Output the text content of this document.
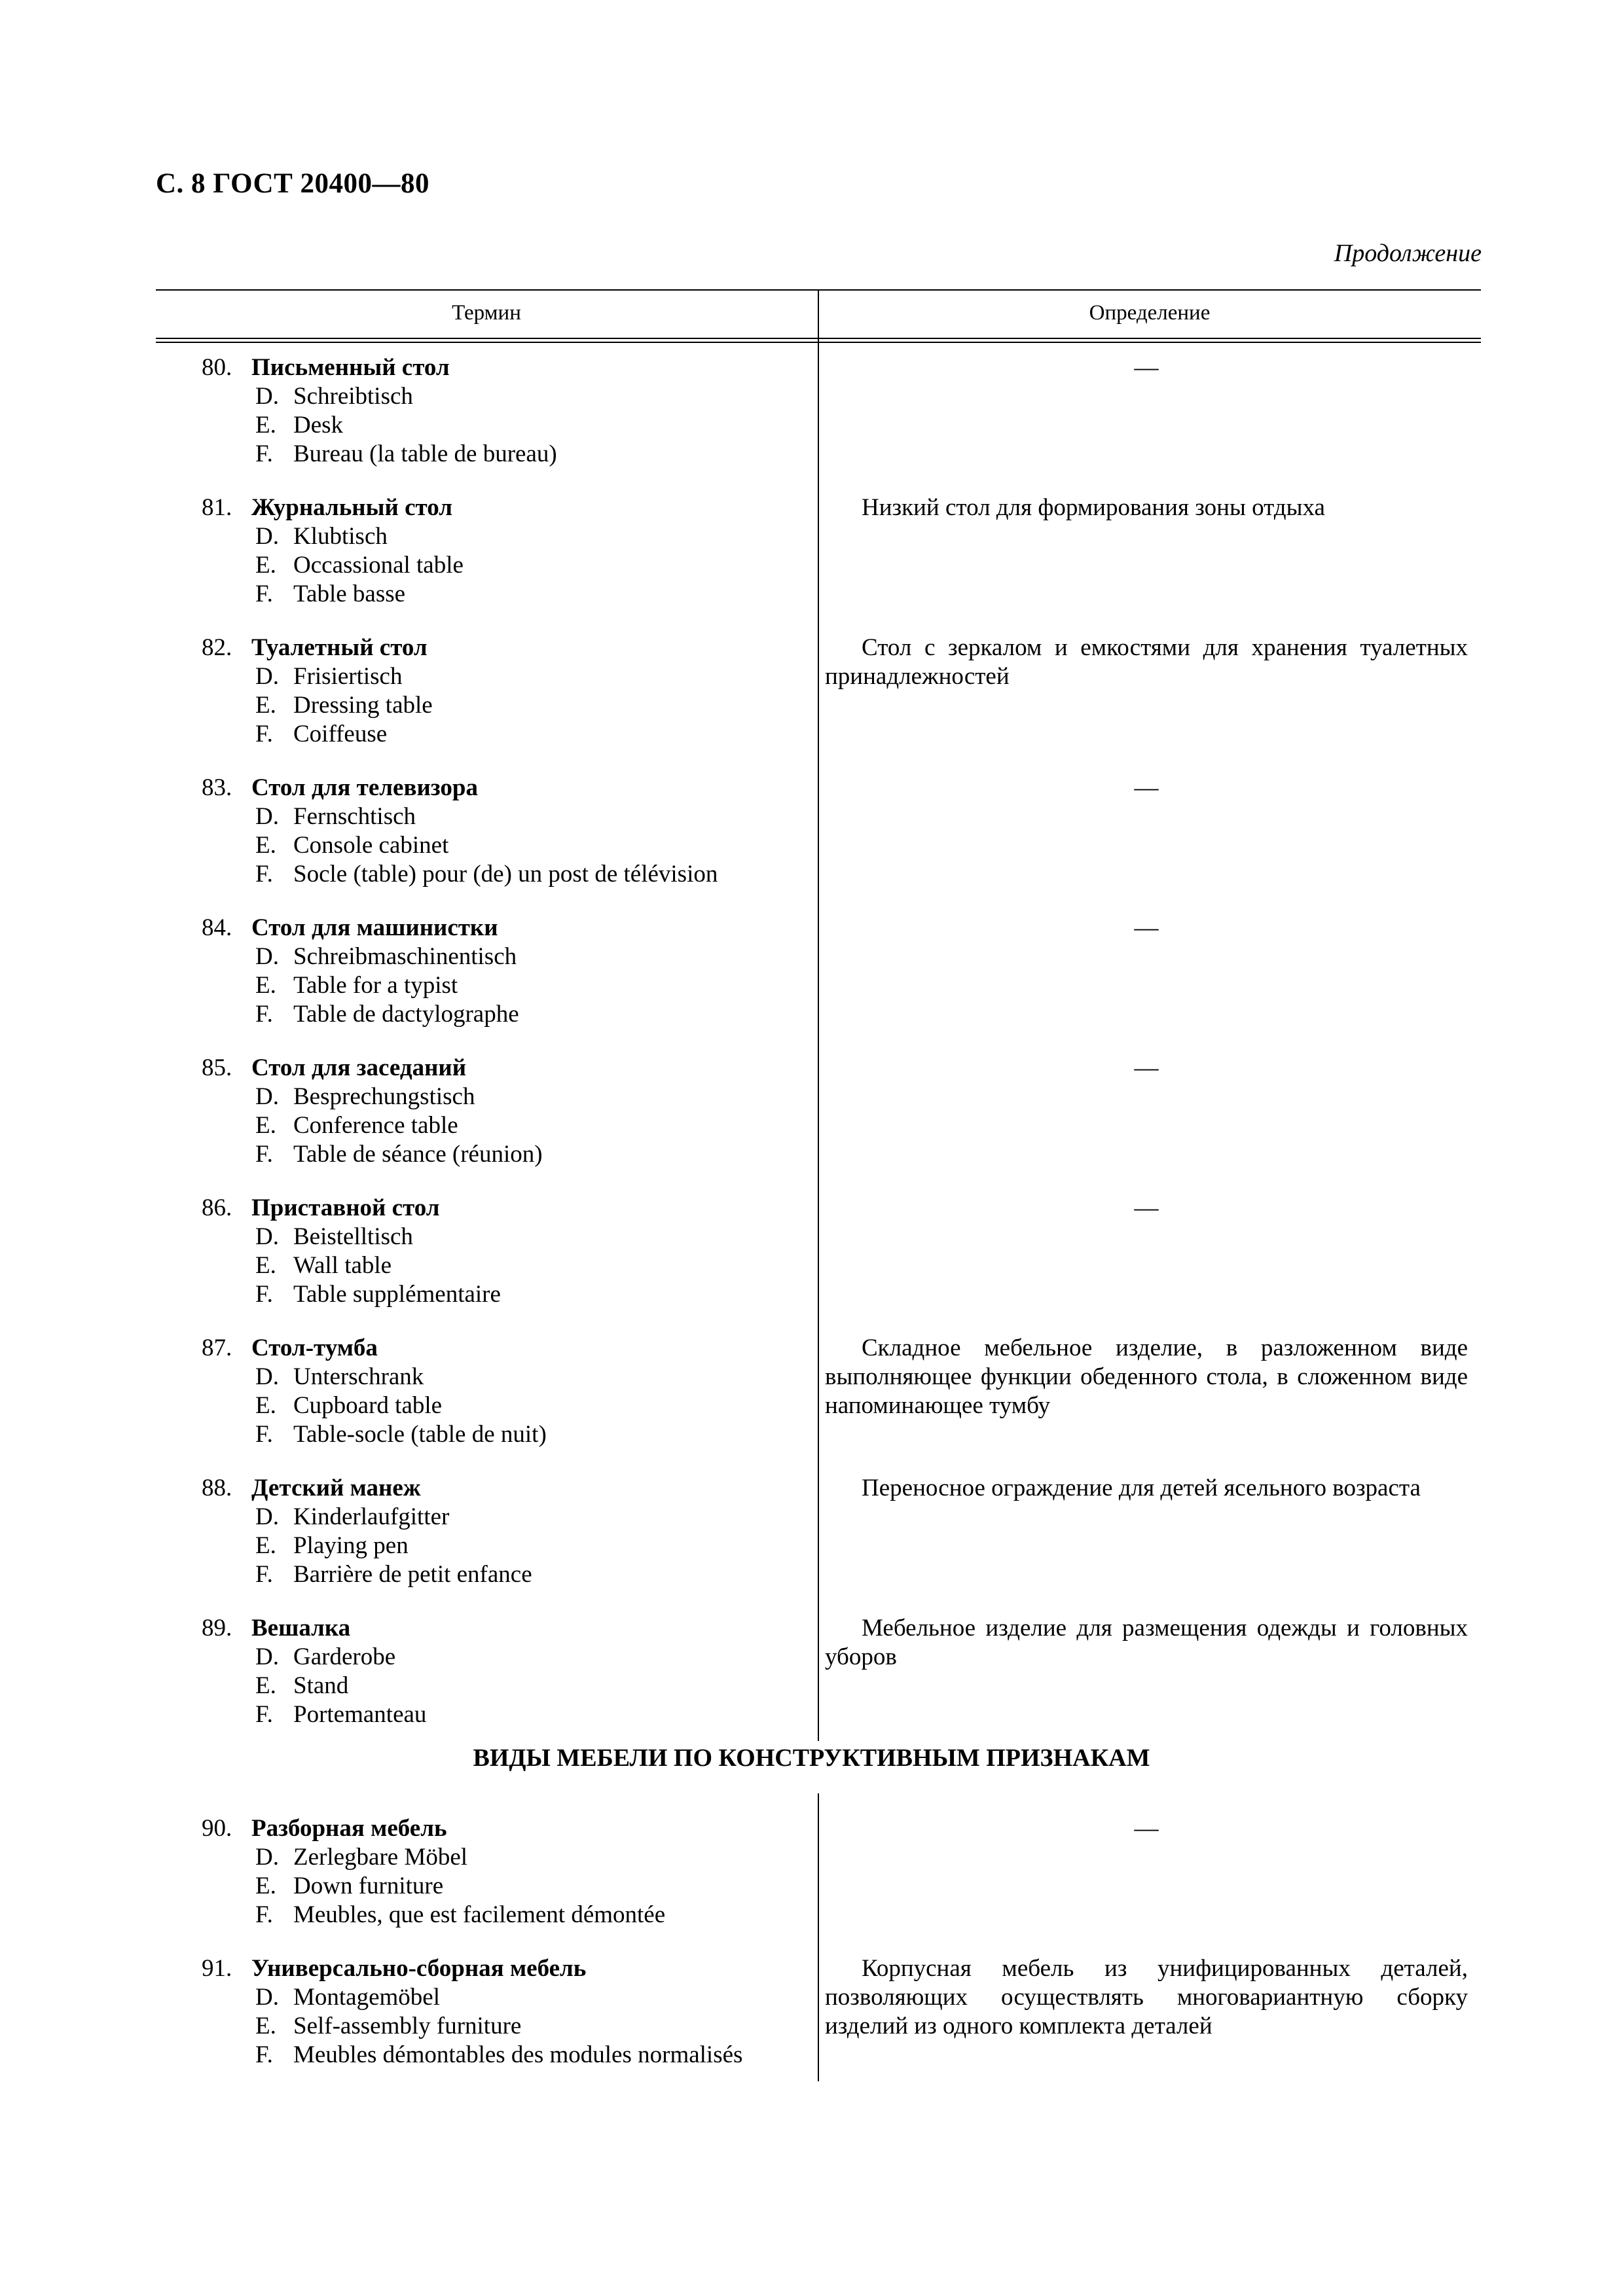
С. 8 ГОСТ 20400—80
Продолжение
Термин	Определение
80. Письменный стол
D. Schreibtisch
E. Desk
F. Bureau (la table de bureau)
—
81. Журнальный стол
D. Klubtisch
E. Occassional table
F. Table basse
Низкий стол для формирования зоны отдыха
82. Туалетный стол
D. Frisiertisch
E. Dressing table
F. Coiffeuse
Стол с зеркалом и емкостями для хранения туалетных принадлежностей
83. Стол для телевизора
D. Fernschtisch
E. Console cabinet
F. Socle (table) pour (de) un post de télévision
—
84. Стол для машинистки
D. Schreibmaschinentisch
E. Table for a typist
F. Table de dactylographe
—
85. Стол для заседаний
D. Besprechungstisch
E. Conference table
F. Table de séance (réunion)
—
86. Приставной стол
D. Beistelltisch
E. Wall table
F. Table supplémentaire
—
87. Стол-тумба
D. Unterschrank
E. Cupboard table
F. Table-socle (table de nuit)
Складное мебельное изделие, в разложенном виде выполняющее функции обеденного стола, в сложенном виде напоминающее тумбу
88. Детский манеж
D. Kinderlaufgitter
E. Playing pen
F. Barrière de petit enfance
Переносное ограждение для детей ясельного возраста
89. Вешалка
D. Garderobe
E. Stand
F. Portemanteau
Мебельное изделие для размещения одежды и головных уборов
90. Разборная мебель
D. Zerlegbare Möbel
E. Down furniture
F. Meubles, que est facilement démontée
—
91. Универсально-сборная мебель
D. Montagemöbel
E. Self-assembly furniture
F. Meubles démontables des modules normalisés
Корпусная мебель из унифицированных деталей, позволяющих осуществлять многовариантную сборку изделий из одного комплекта деталей
ВИДЫ МЕБЕЛИ ПО КОНСТРУКТИВНЫМ ПРИЗНАКАМ
